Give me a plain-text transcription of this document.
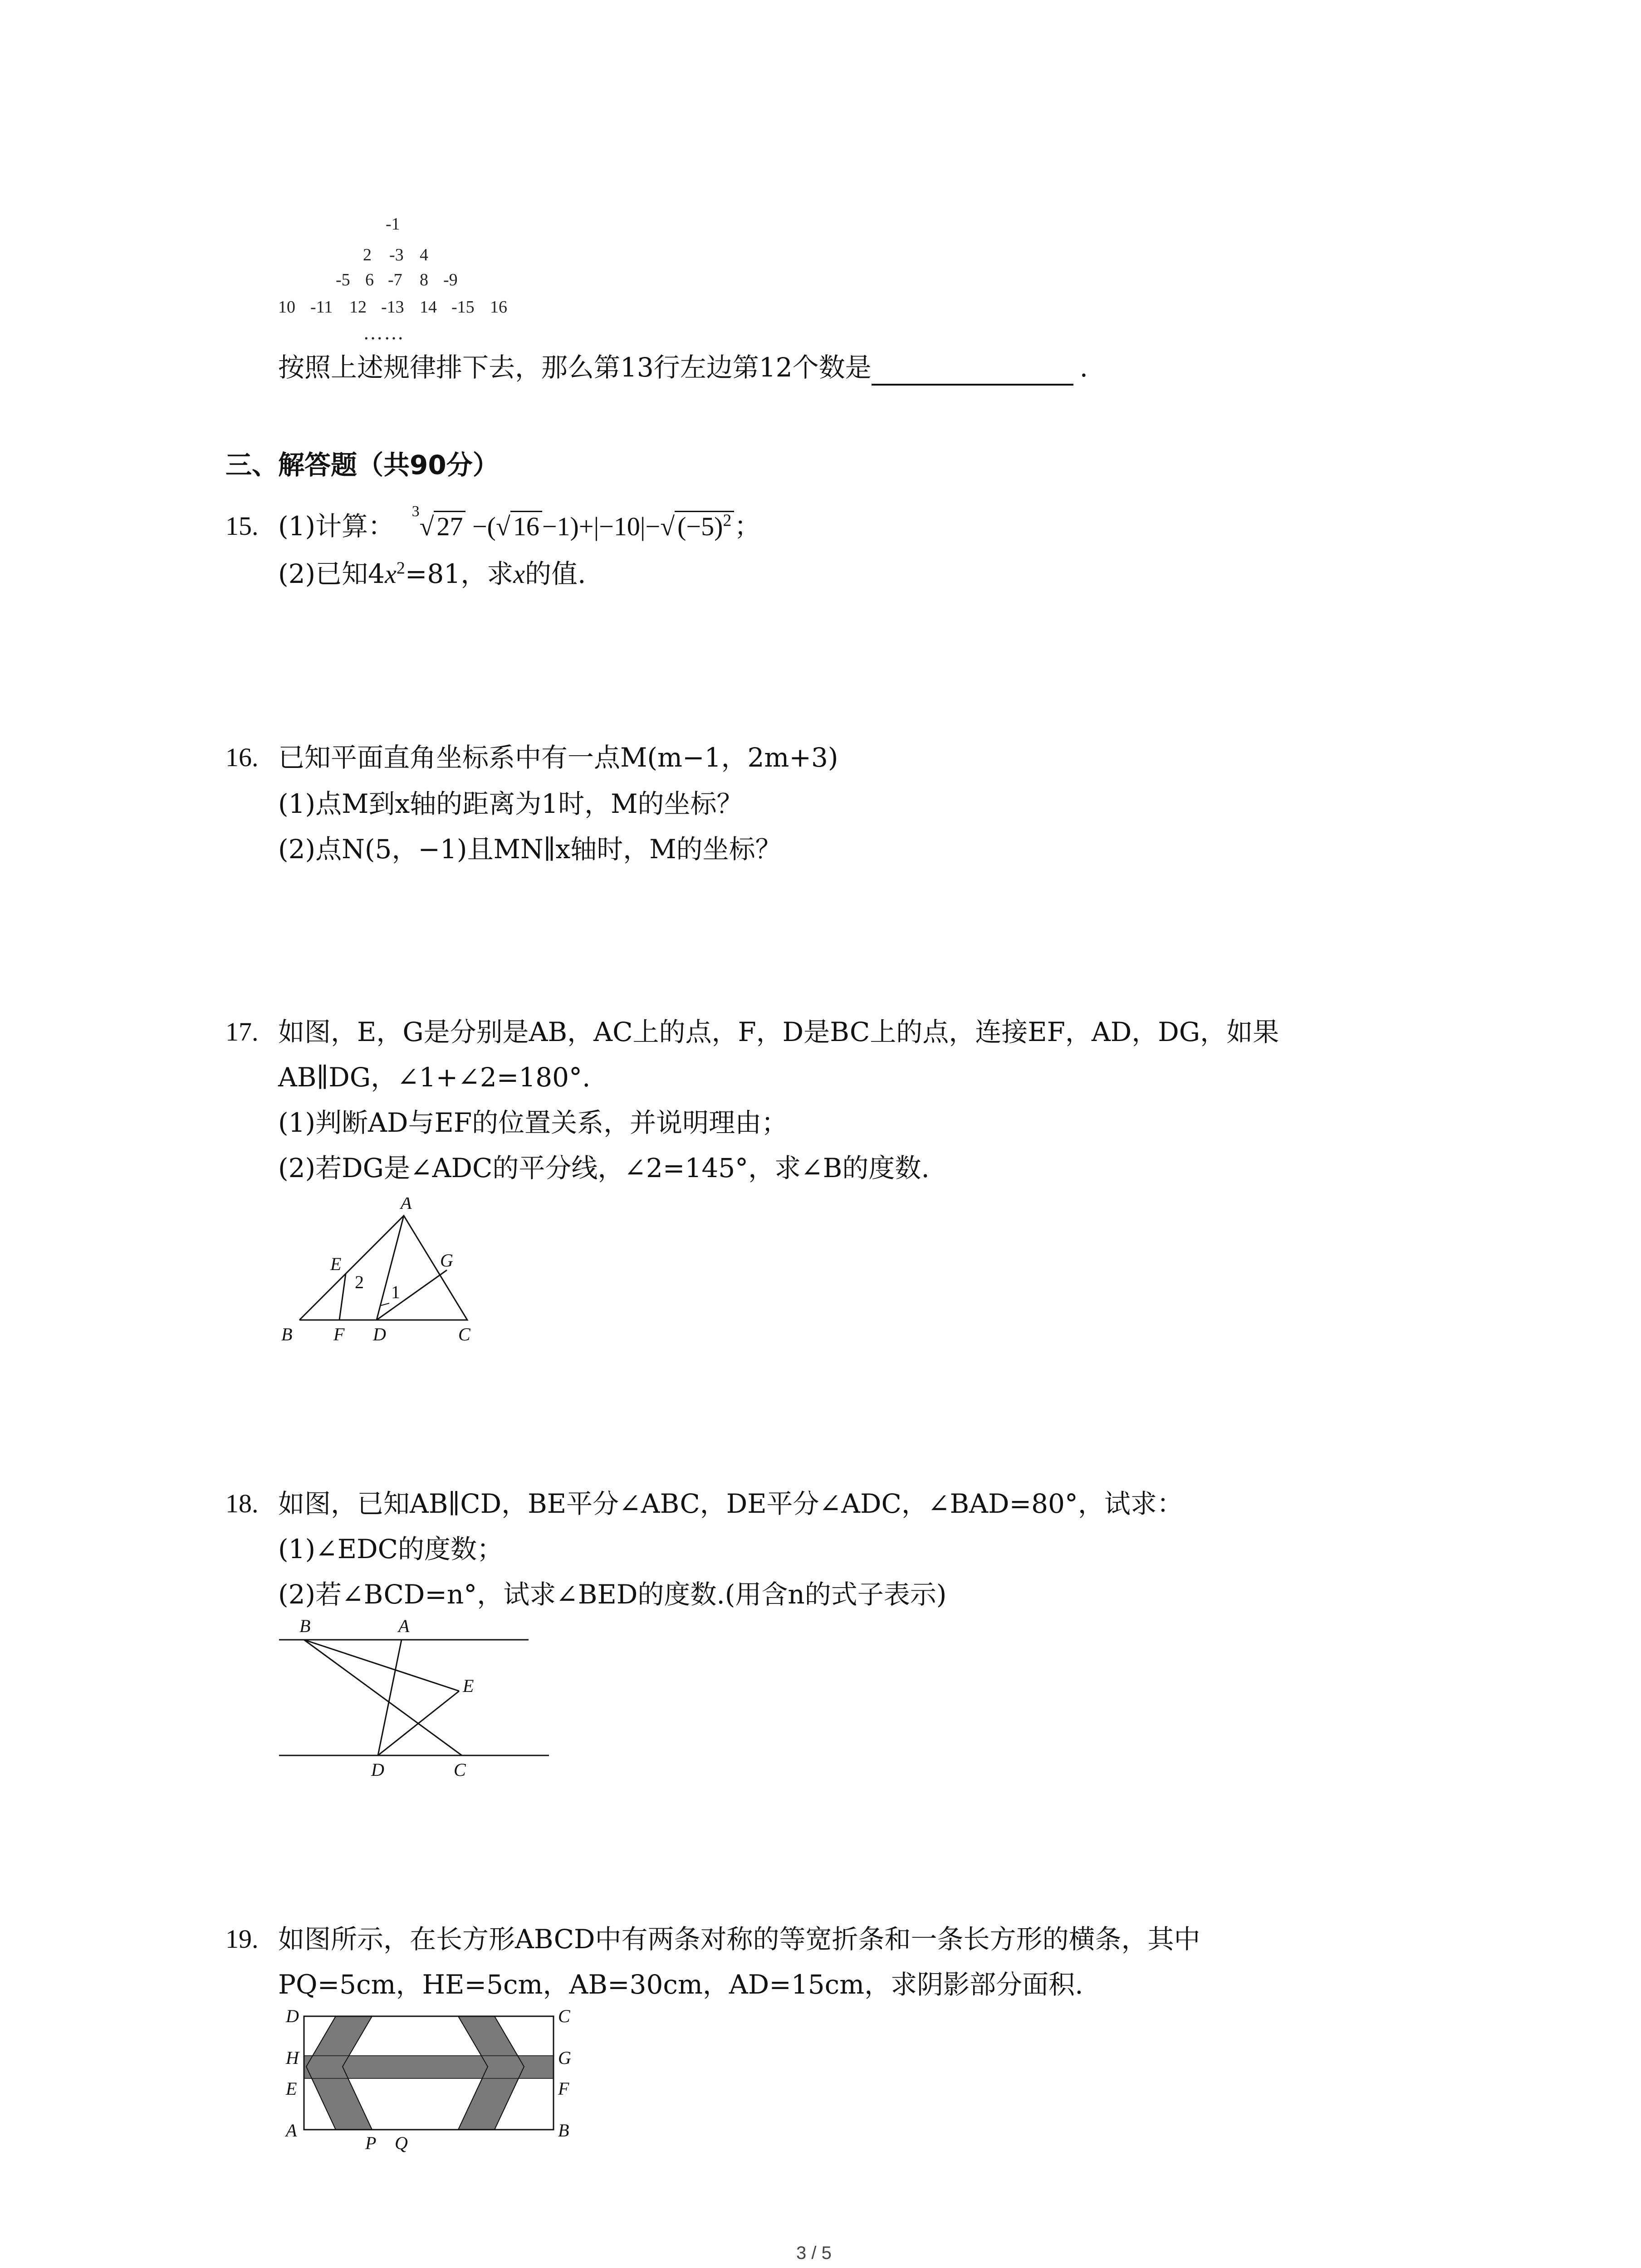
-1
2 -3 4
-5 6 -7 8 -9
10 -11 12 -13 14 -15 16
……
按照上述规律排下去，那么第13行左边第12个数是	.
三、解答题（共90分）
15. (1)计算： $^3$√ 27 −(√ 16 −1)+|−10|−√ $(-5)^2$ ；
(2)已知$4x^2=81$，求x的值.
16. 已知平面直角坐标系中有一点M(m−1，2m+3)
(1)点M到x轴的距离为1时，M的坐标？
(2)点N(5，−1)且MN∥x轴时，M的坐标？
17. 如图，E，G是分别是AB，AC上的点，F，D是BC上的点，连接EF，AD，DG，如果
AB∥DG，∠1+∠2=180°.
(1)判断AD与EF的位置关系，并说明理由；
(2)若DG是∠ADC的平分线，∠2=145°，求∠B的度数.
A
B F D	C
E	G
2 1
18. 如图，已知AB∥CD，BE平分∠ABC，DE平分∠ADC，∠BAD=80°，试求：
(1)∠EDC的度数；
(2)若∠BCD=n°，试求∠BED的度数.(用含n的式子表示)
B	A
E
D	C
19. 如图所示，在长方形ABCD中有两条对称的等宽折条和一条长方形的横条，其中
PQ=5cm，HE=5cm，AB=30cm，AD=15cm，求阴影部分面积.
D	C
H	G
E	F
A	B
P Q
3 / 5
